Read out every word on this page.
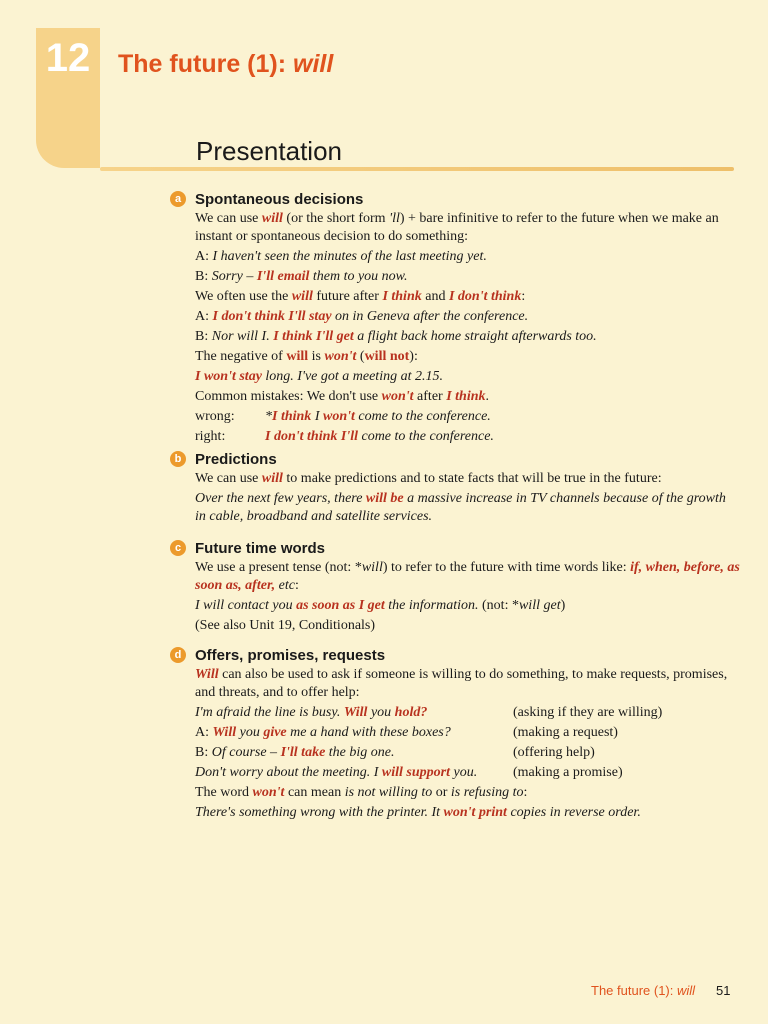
12	The future (1): will
Presentation
a Spontaneous decisions

We can use will (or the short form 'll) + bare infinitive to refer to the future when we make an instant or spontaneous decision to do something:

A: I haven't seen the minutes of the last meeting yet.

B: Sorry – I'll email them to you now.

We often use the will future after I think and I don't think:

A: I don't think I'll stay on in Geneva after the conference.

B: Nor will I. I think I'll get a flight back home straight afterwards too.

The negative of will is won't (will not):

I won't stay long. I've got a meeting at 2.15.

Common mistakes: We don't use won't after I think.

wrong:	*I think I won't come to the conference.

right:	I don't think I'll come to the conference.

b Predictions

We can use will to make predictions and to state facts that will be true in the future:

Over the next few years, there will be a massive increase in TV channels because of the growth in cable, broadband and satellite services.

c Future time words

We use a present tense (not: *will) to refer to the future with time words like: if, when, before, as soon as, after, etc:

I will contact you as soon as I get the information. (not: *will get)

(See also Unit 19, Conditionals)

d Offers, promises, requests

Will can also be used to ask if someone is willing to do something, to make requests, promises, and threats, and to offer help:

I'm afraid the line is busy. Will you hold?	(asking if they are willing)

A: Will you give me a hand with these boxes?	(making a request)

B: Of course – I'll take the big one.	(offering help)

Don't worry about the meeting. I will support you.	(making a promise)

The word won't can mean is not willing to or is refusing to:

There's something wrong with the printer. It won't print copies in reverse order.

The future (1): will 51
